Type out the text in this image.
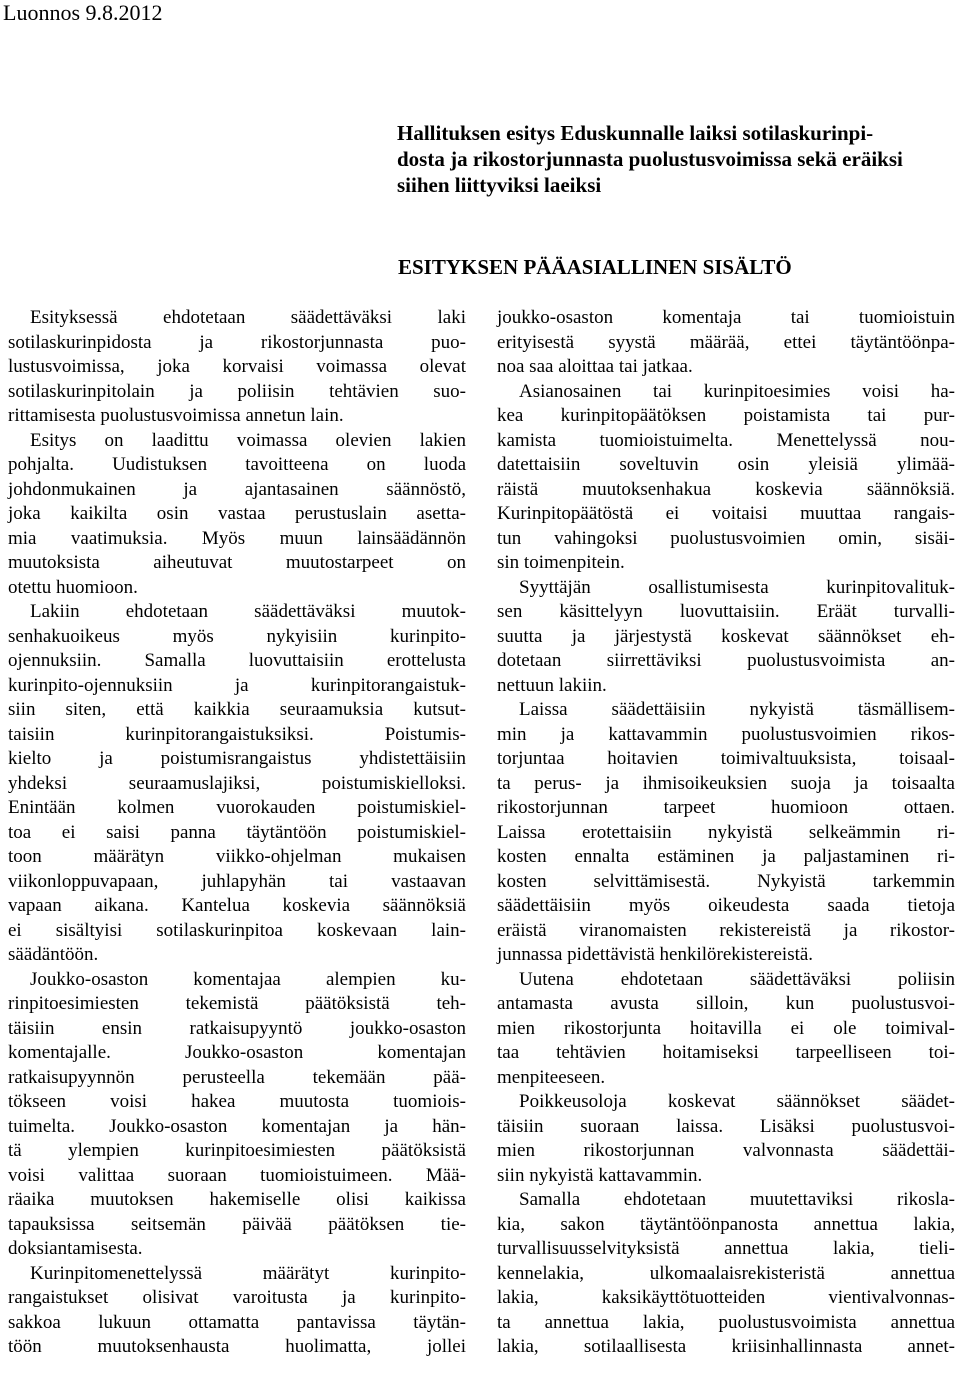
Luonnos 9.8.2012
Hallituksen esitys Eduskunnalle laiksi sotilaskurinpi-
dosta ja rikostorjunnasta puolustusvoimissa sekä eräiksi
siihen liittyviksi laeiksi
ESITYKSEN PÄÄASIALLINEN SISÄLTÖ
Esityksessä ehdotetaan säädettäväksi laki
sotilaskurinpidosta ja rikostorjunnasta puo-
lustusvoimissa, joka korvaisi voimassa olevat
sotilaskurinpitolain ja poliisin tehtävien suo-
rittamisesta puolustusvoimissa annetun lain.
Esitys on laadittu voimassa olevien lakien
pohjalta. Uudistuksen tavoitteena on luoda
johdonmukainen ja ajantasainen säännöstö,
joka kaikilta osin vastaa perustuslain asetta-
mia vaatimuksia. Myös muun lainsäädännön
muutoksista aiheutuvat muutostarpeet on
otettu huomioon.
Lakiin ehdotetaan säädettäväksi muutok-
senhakuoikeus myös nykyisiin kurinpito-
ojennuksiin. Samalla luovuttaisiin erottelusta
kurinpito-ojennuksiin ja kurinpitorangaistuk-
siin siten, että kaikkia seuraamuksia kutsut-
taisiin kurinpitorangaistuksiksi. Poistumis-
kielto ja poistumisrangaistus yhdistettäisiin
yhdeksi seuraamuslajiksi, poistumiskielloksi.
Enintään kolmen vuorokauden poistumiskiel-
toa ei saisi panna täytäntöön poistumiskiel-
toon määrätyn viikko-ohjelman mukaisen
viikonloppuvapaan, juhlapyhän tai vastaavan
vapaan aikana. Kantelua koskevia säännöksiä
ei sisältyisi sotilaskurinpitoa koskevaan lain-
säädäntöön.
Joukko-osaston komentajaa alempien ku-
rinpitoesimiesten tekemistä päätöksistä teh-
täisiin ensin ratkaisupyyntö joukko-osaston
komentajalle. Joukko-osaston komentajan
ratkaisupyynnön perusteella tekemään pää-
tökseen voisi hakea muutosta tuomiois-
tuimelta. Joukko-osaston komentajan ja hän-
tä ylempien kurinpitoesimiesten päätöksistä
voisi valittaa suoraan tuomioistuimeen. Mää-
räaika muutoksen hakemiselle olisi kaikissa
tapauksissa seitsemän päivää päätöksen tie-
doksiantamisesta.
Kurinpitomenettelyssä määrätyt kurinpito-
rangaistukset olisivat varoitusta ja kurinpito-
sakkoa lukuun ottamatta pantavissa täytän-
töön muutoksenhausta huolimatta, jollei
joukko-osaston komentaja tai tuomioistuin
erityisestä syystä määrää, ettei täytäntöönpa-
noa saa aloittaa tai jatkaa.
Asianosainen tai kurinpitoesimies voisi ha-
kea kurinpitopäätöksen poistamista tai pur-
kamista tuomioistuimelta. Menettelyssä nou-
datettaisiin soveltuvin osin yleisiä ylimää-
räistä muutoksenhakua koskevia säännöksiä.
Kurinpitopäätöstä ei voitaisi muuttaa rangais-
tun vahingoksi puolustusvoimien omin, sisäi-
sin toimenpitein.
Syyttäjän osallistumisesta kurinpitovalituk-
sen käsittelyyn luovuttaisiin. Eräät turvalli-
suutta ja järjestystä koskevat säännökset eh-
dotetaan siirrettäviksi puolustusvoimista an-
nettuun lakiin.
Laissa säädettäisiin nykyistä täsmällisem-
min ja kattavammin puolustusvoimien rikos-
torjuntaa hoitavien toimivaltuuksista, toisaal-
ta perus- ja ihmisoikeuksien suoja ja toisaalta
rikostorjunnan tarpeet huomioon ottaen.
Laissa erotettaisiin nykyistä selkeämmin ri-
kosten ennalta estäminen ja paljastaminen ri-
kosten selvittämisestä. Nykyistä tarkemmin
säädettäisiin myös oikeudesta saada tietoja
eräistä viranomaisten rekistereistä ja rikostor-
junnassa pidettävistä henkilörekistereistä.
Uutena ehdotetaan säädettäväksi poliisin
antamasta avusta silloin, kun puolustusvoi-
mien rikostorjunta hoitavilla ei ole toimival-
taa tehtävien hoitamiseksi tarpeelliseen toi-
menpiteeseen.
Poikkeusoloja koskevat säännökset säädet-
täisiin suoraan laissa. Lisäksi puolustusvoi-
mien rikostorjunnan valvonnasta säädettäi-
siin nykyistä kattavammin.
Samalla ehdotetaan muutettaviksi rikosla-
kia, sakon täytäntöönpanosta annettua lakia,
turvallisuusselvityksistä annettua lakia, tieli-
kennelakia, ulkomaalaisrekisteristä annettua
lakia, kaksikäyttötuotteiden vientivalvonnas-
ta annettua lakia, puolustusvoimista annettua
lakia, sotilaallisesta kriisinhallinnasta annet-
